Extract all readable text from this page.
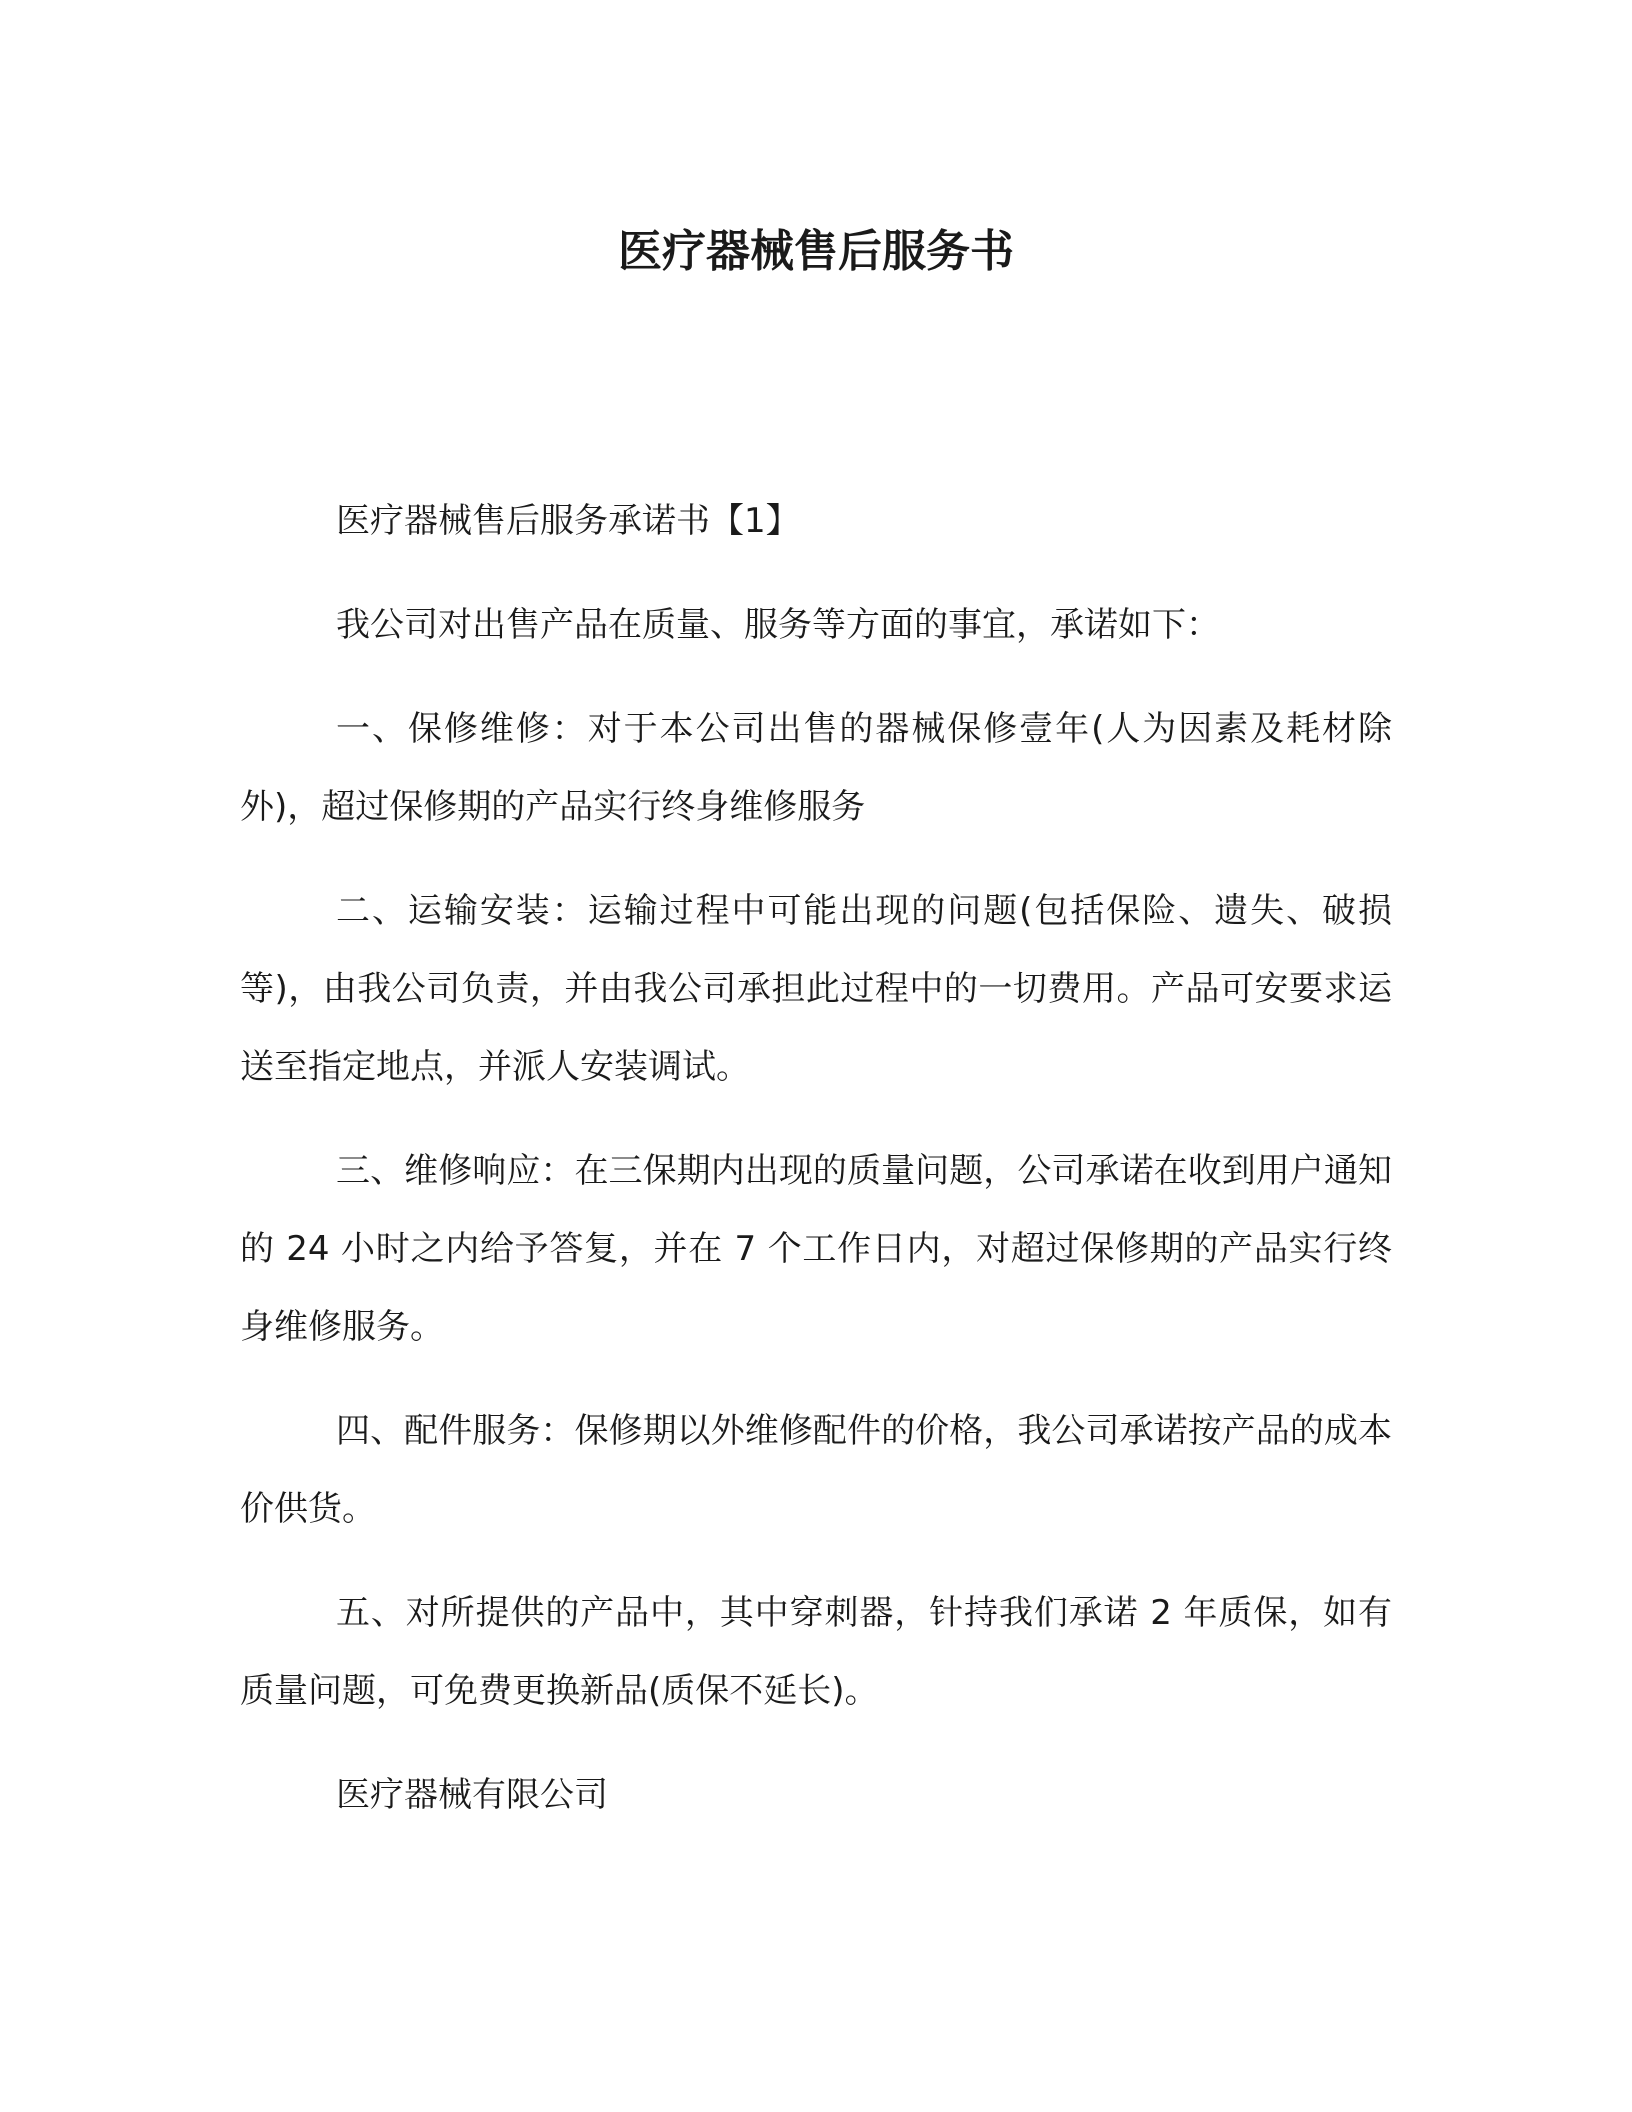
医疗器械售后服务书

医疗器械售后服务承诺书【1】

我公司对出售产品在质量、服务等方面的事宜，承诺如下：

一、保修维修：对于本公司出售的器械保修壹年(人为因素及耗材除外)，超过保修期的产品实行终身维修服务

二、运输安装：运输过程中可能出现的问题(包括保险、遗失、破损等)，由我公司负责，并由我公司承担此过程中的一切费用。产品可安要求运送至指定地点，并派人安装调试。

三、维修响应：在三保期内出现的质量问题，公司承诺在收到用户通知的 24 小时之内给予答复，并在 7 个工作日内，对超过保修期的产品实行终身维修服务。

四、配件服务：保修期以外维修配件的价格，我公司承诺按产品的成本价供货。

五、对所提供的产品中，其中穿刺器，针持我们承诺 2 年质保，如有质量问题，可免费更换新品(质保不延长)。

医疗器械有限公司
